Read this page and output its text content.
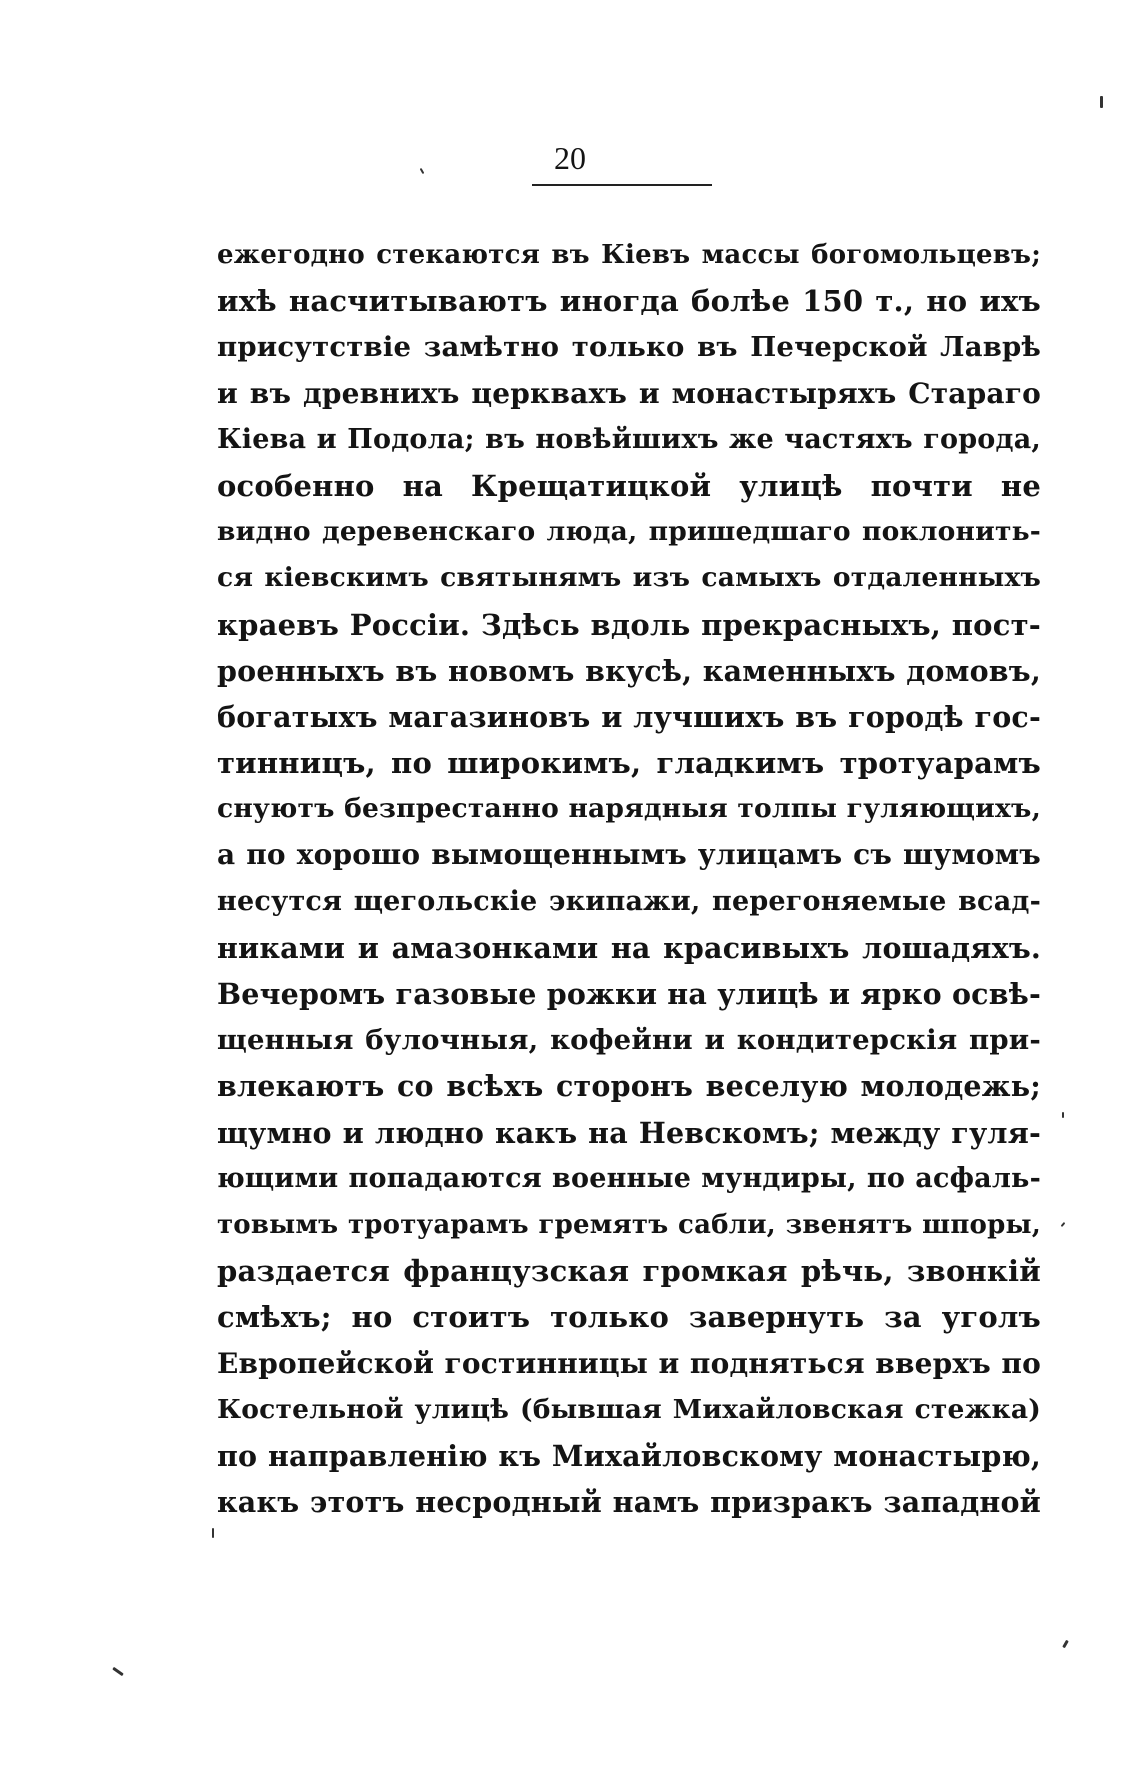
20
ежегодно стекаются въ Кіевъ массы богомольцевъ;
ихѣ насчитываютъ иногда болѣе 150 т., но ихъ
присутствіе замѣтно только въ Печерской Лаврѣ
и въ древнихъ церквахъ и монастыряхъ Стараго
Кіева и Подола; въ новѣйшихъ же частяхъ города,
особенно на Крещатицкой улицѣ почти не
видно деревенскаго люда, пришедшаго поклонить-
ся кіевскимъ святынямъ изъ самыхъ отдаленныхъ
краевъ Россіи. Здѣсь вдоль прекрасныхъ, пост-
роенныхъ въ новомъ вкусѣ, каменныхъ домовъ,
богатыхъ магазиновъ и лучшихъ въ городѣ гос-
тинницъ, по широкимъ, гладкимъ тротуарамъ
снуютъ безпрестанно нарядныя толпы гуляющихъ,
а по хорошо вымощеннымъ улицамъ съ шумомъ
несутся щегольскіе экипажи, перегоняемые всад-
никами и амазонками на красивыхъ лошадяхъ.
Вечеромъ газовые рожки на улицѣ и ярко освѣ-
щенныя булочныя, кофейни и кондитерскія при-
влекаютъ со всѣхъ сторонъ веселую молодежь;
щумно и людно какъ на Невскомъ; между гуля-
ющими попадаются военные мундиры, по асфаль-
товымъ тротуарамъ гремятъ сабли, звенятъ шпоры,
раздается французская громкая рѣчь, звонкій
смѣхъ; но стоитъ только завернуть за уголъ
Европейской гостинницы и подняться вверхъ по
Костельной улицѣ (бывшая Михайловская стежка)
по направленію къ Михайловскому монастырю,
какъ этотъ несродный намъ призракъ западной
